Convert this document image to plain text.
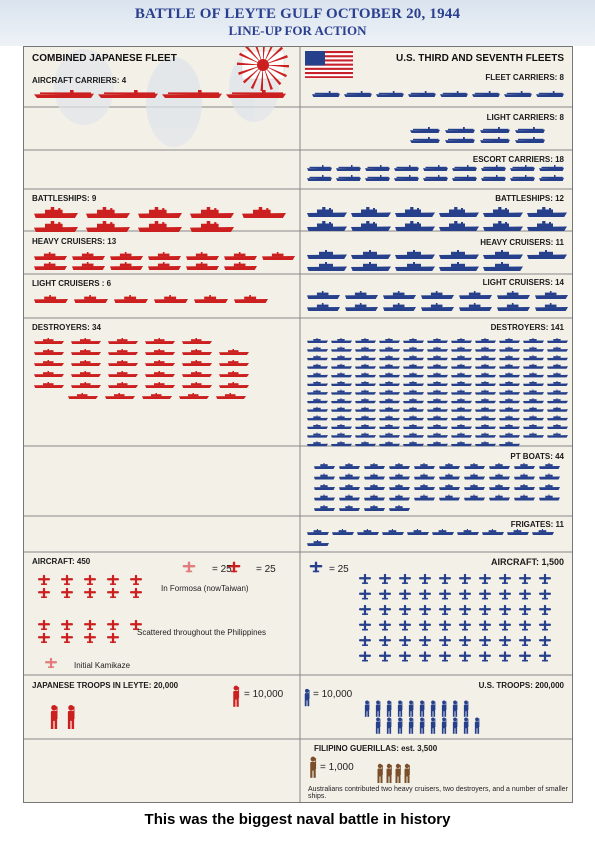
BATTLE OF LEYTE GULF OCTOBER 20, 1944
LINE-UP FOR ACTION
COMBINED JAPANESE FLEET
AIRCRAFT CARRIERS: 4
BATTLESHIPS: 9
HEAVY CRUISERS: 13
LIGHT CRUISERS : 6
DESTROYERS: 34
AIRCRAFT: 450
= 25 = 25
In Formosa (nowTaiwan)
Scattered throughout the Philippines
Initial Kamikaze
JAPANESE TROOPS IN LEYTE: 20,000
= 10,000
U.S. THIRD AND SEVENTH FLEETS
FLEET CARRIERS: 8
LIGHT CARRIERS: 8
ESCORT CARRIERS: 18
BATTLESHIPS: 12
HEAVY CRUISERS: 11
LIGHT CRUISERS: 14
DESTROYERS: 141
PT BOATS: 44
FRIGATES: 11
AIRCRAFT: 1,500
= 25
U.S. TROOPS: 200,000
= 10,000
FILIPINO GUERILLAS: est. 3,500
= 1,000
Australians contributed two heavy cruisers, two destroyers, and a number of smaller ships.
This was the biggest naval battle in history
